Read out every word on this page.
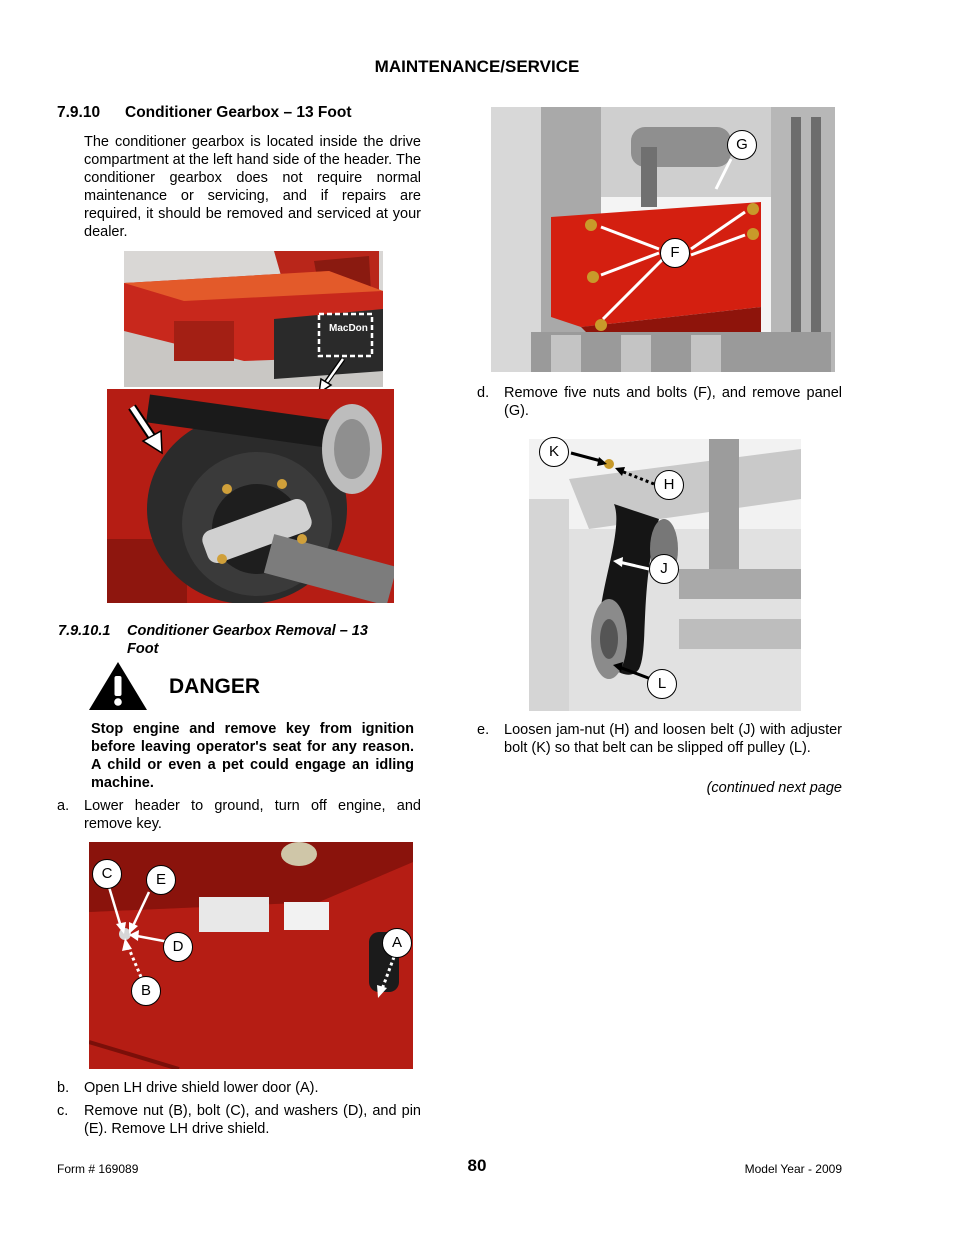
MAINTENANCE/SERVICE
7.9.10 Conditioner Gearbox – 13 Foot
The conditioner gearbox is located inside the drive compartment at the left hand side of the header. The conditioner gearbox does not require normal maintenance or servicing, and if repairs are required, it should be removed and serviced at your dealer.
MacDon
7.9.10.1 Conditioner Gearbox Removal – 13 Foot
DANGER
Stop engine and remove key from ignition before leaving operator's seat for any reason. A child or even a pet could engage an idling machine.
a. Lower header to ground, turn off engine, and remove key.
C	E
D	A
B
b. Open LH drive shield lower door (A).
c. Remove nut (B), bolt (C), and washers (D), and pin (E). Remove LH drive shield.
G
F
d. Remove five nuts and bolts (F), and remove panel (G).
K
H
J
L
e. Loosen jam-nut (H) and loosen belt (J) with adjuster bolt (K) so that belt can be slipped off pulley (L).
(continued next page
Form # 169089	80	Model Year - 2009
